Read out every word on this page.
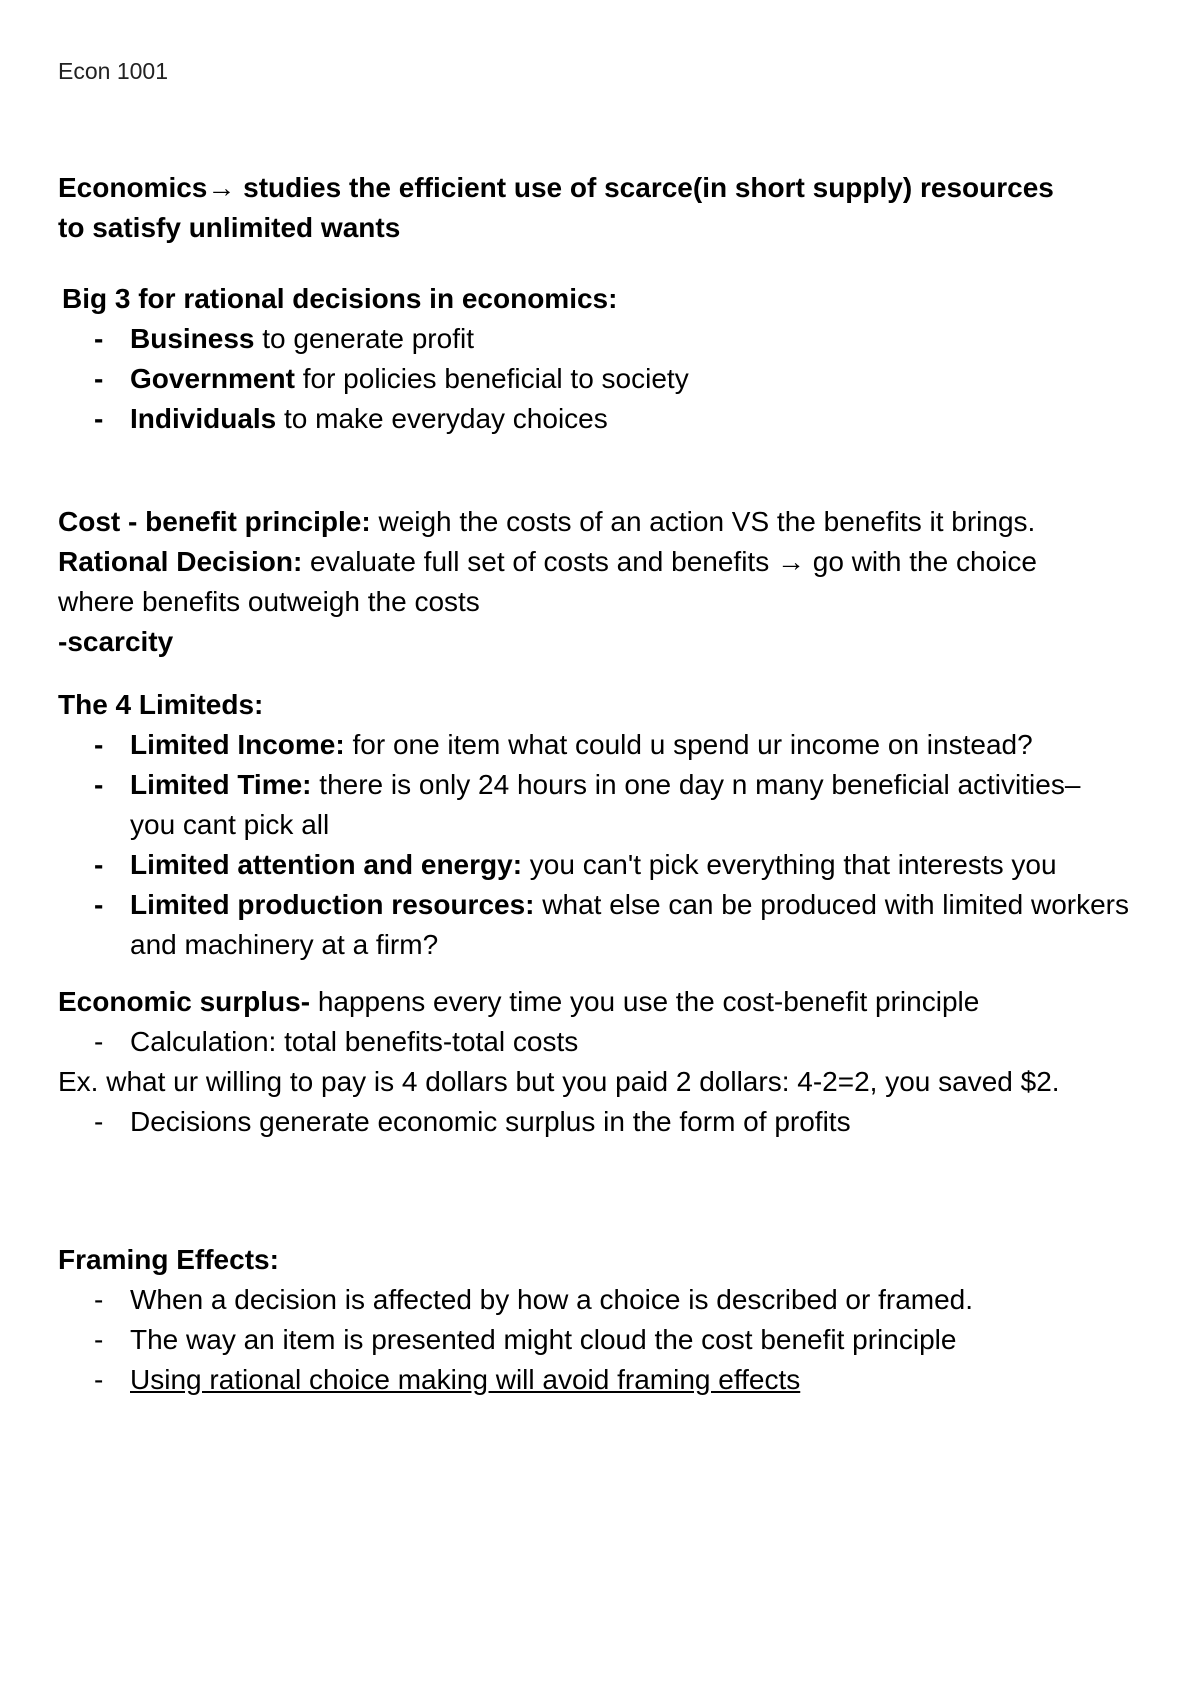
Econ 1001
Economics→ studies the efficient use of scarce(in short supply) resources
to satisfy unlimited wants
Big 3 for rational decisions in economics:
- Business to generate profit
- Government for policies beneficial to society
- Individuals to make everyday choices
Cost - benefit principle: weigh the costs of an action VS the benefits it brings.
Rational Decision: evaluate full set of costs and benefits → go with the choice
where benefits outweigh the costs
-scarcity
The 4 Limiteds:
- Limited Income: for one item what could u spend ur income on instead?
- Limited Time: there is only 24 hours in one day n many beneficial activities–you cant pick all
- Limited attention and energy: you can't pick everything that interests you
- Limited production resources: what else can be produced with limited workers and machinery at a firm?
Economic surplus- happens every time you use the cost-benefit principle
- Calculation: total benefits-total costs
Ex. what ur willing to pay is 4 dollars but you paid 2 dollars: 4-2=2, you saved $2.
- Decisions generate economic surplus in the form of profits
Framing Effects:
- When a decision is affected by how a choice is described or framed.
- The way an item is presented might cloud the cost benefit principle
- Using rational choice making will avoid framing effects
